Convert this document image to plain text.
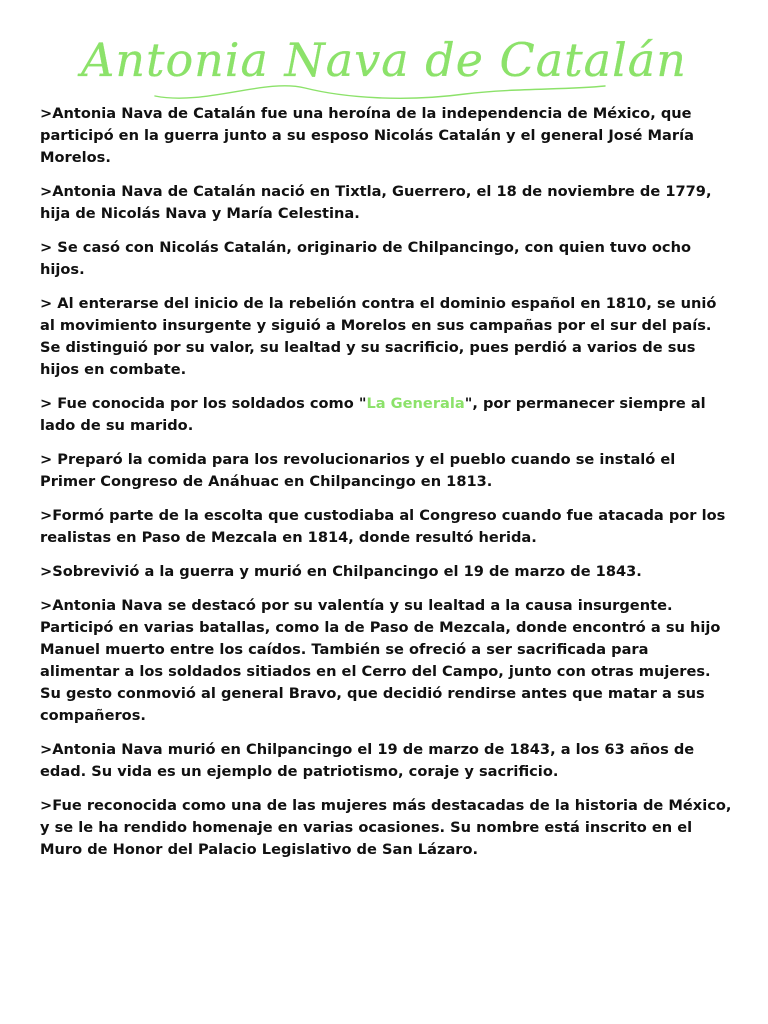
Antonia Nava de Catalán

>Antonia Nava de Catalán fue una heroína de la independencia de México, que participó en la guerra junto a su esposo Nicolás Catalán y el general José María Morelos.

>Antonia Nava de Catalán nació en Tixtla, Guerrero, el 18 de noviembre de 1779, hija de Nicolás Nava y María Celestina.

> Se casó con Nicolás Catalán, originario de Chilpancingo, con quien tuvo ocho hijos.

> Al enterarse del inicio de la rebelión contra el dominio español en 1810, se unió al movimiento insurgente y siguió a Morelos en sus campañas por el sur del país. Se distinguió por su valor, su lealtad y su sacrificio, pues perdió a varios de sus hijos en combate.

> Fue conocida por los soldados como "La Generala", por permanecer siempre al lado de su marido.

> Preparó la comida para los revolucionarios y el pueblo cuando se instaló el Primer Congreso de Anáhuac en Chilpancingo en 1813.

>Formó parte de la escolta que custodiaba al Congreso cuando fue atacada por los realistas en Paso de Mezcala en 1814, donde resultó herida.

>Sobrevivió a la guerra y murió en Chilpancingo el 19 de marzo de 1843.

>Antonia Nava se destacó por su valentía y su lealtad a la causa insurgente. Participó en varias batallas, como la de Paso de Mezcala, donde encontró a su hijo Manuel muerto entre los caídos. También se ofreció a ser sacrificada para alimentar a los soldados sitiados en el Cerro del Campo, junto con otras mujeres. Su gesto conmovió al general Bravo, que decidió rendirse antes que matar a sus compañeros.

>Antonia Nava murió en Chilpancingo el 19 de marzo de 1843, a los 63 años de edad. Su vida es un ejemplo de patriotismo, coraje y sacrificio.

>Fue reconocida como una de las mujeres más destacadas de la historia de México, y se le ha rendido homenaje en varias ocasiones. Su nombre está inscrito en el Muro de Honor del Palacio Legislativo de San Lázaro.
